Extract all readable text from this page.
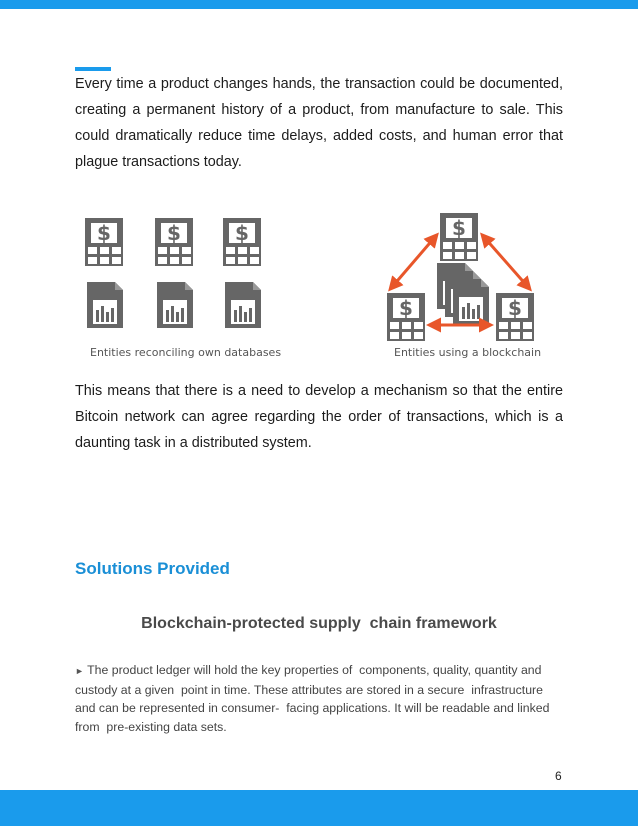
Every time a product changes hands, the transaction could be documented, creating a permanent history of a product, from manufacture to sale. This could dramatically reduce time delays, added costs, and human error that plague transactions today.

Entities reconciling own databases	Entities using a blockchain

This means that there is a need to develop a mechanism so that the entire Bitcoin network can agree regarding the order of transactions, which is a daunting task in a distributed system.

Solutions Provided
Blockchain-protected supply  chain framework

► The product ledger will hold the key properties of  components, quality, quantity and custody at a given  point in time. These attributes are stored in a secure  infrastructure and can be represented in consumer-  facing applications. It will be readable and linked from  pre-existing data sets.

6
